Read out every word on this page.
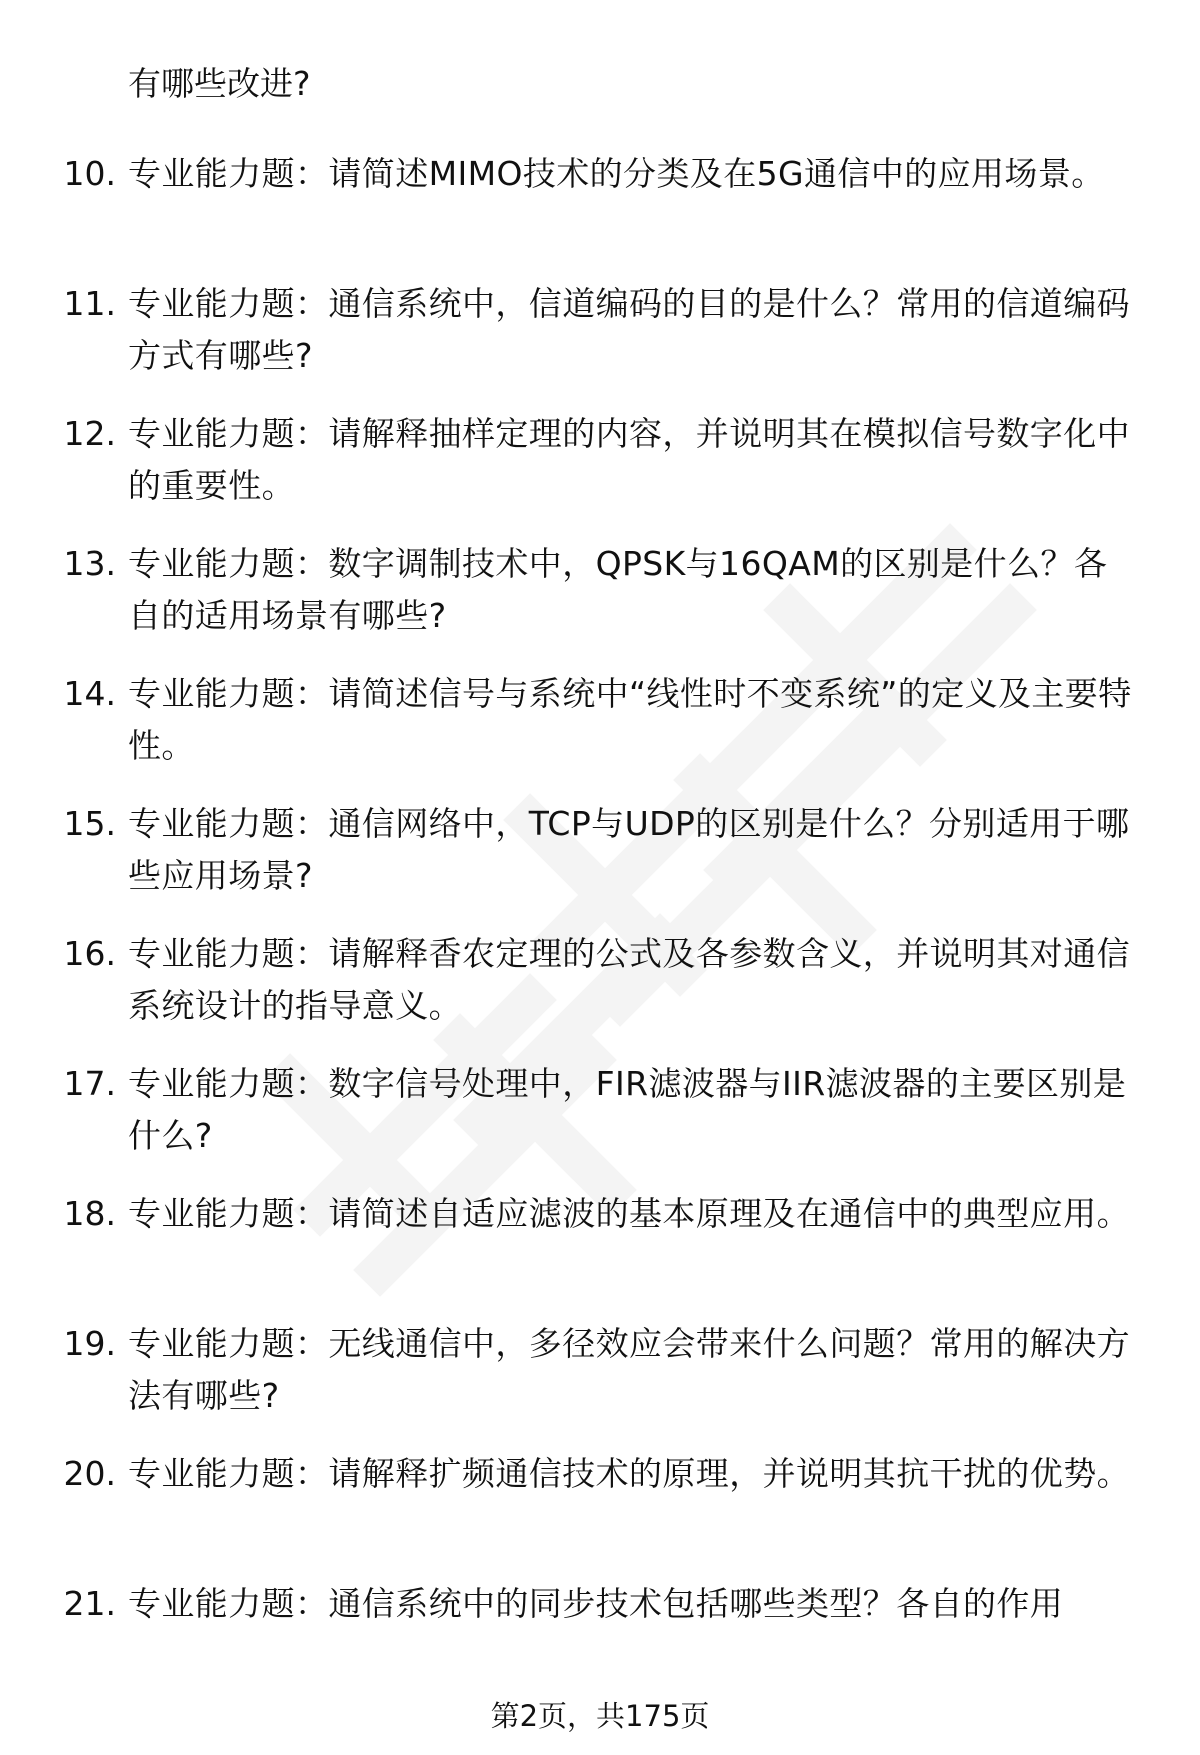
有哪些改进?

10. 专业能力题：请简述MIMO技术的分类及在5G通信中的应用场景。
11. 专业能力题：通信系统中，信道编码的目的是什么？常用的信道编码方式有哪些?
12. 专业能力题：请解释抽样定理的内容，并说明其在模拟信号数字化中的重要性。
13. 专业能力题：数字调制技术中，QPSK与16QAM的区别是什么？各自的适用场景有哪些?
14. 专业能力题：请简述信号与系统中“线性时不变系统”的定义及主要特性。
15. 专业能力题：通信网络中，TCP与UDP的区别是什么？分别适用于哪些应用场景?
16. 专业能力题：请解释香农定理的公式及各参数含义，并说明其对通信系统设计的指导意义。
17. 专业能力题：数字信号处理中，FIR滤波器与IIR滤波器的主要区别是什么?
18. 专业能力题：请简述自适应滤波的基本原理及在通信中的典型应用。
19. 专业能力题：无线通信中，多径效应会带来什么问题？常用的解决方法有哪些?
20. 专业能力题：请解释扩频通信技术的原理，并说明其抗干扰的优势。
21. 专业能力题：通信系统中的同步技术包括哪些类型？各自的作用
第2页，共175页
